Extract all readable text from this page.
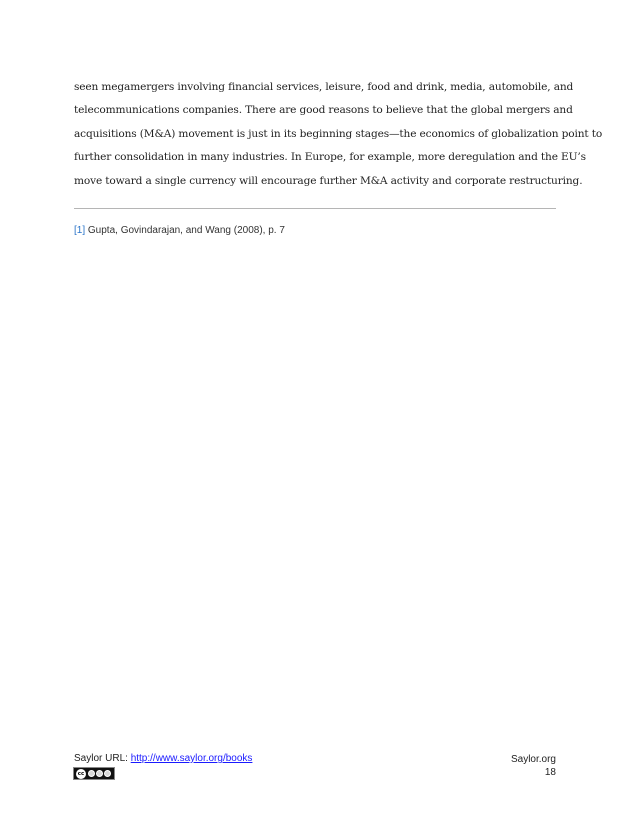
seen megamergers involving financial services, leisure, food and drink, media, automobile, and

telecommunications companies. There are good reasons to believe that the global mergers and

acquisitions (M&A) movement is just in its beginning stages—the economics of globalization point to

further consolidation in many industries. In Europe, for example, more deregulation and the EU’s

move toward a single currency will encourage further M&A activity and corporate restructuring.

[1] Gupta, Govindarajan, and Wang (2008), p. 7
Saylor URL: http://www.saylor.org/books
cc
Saylor.org
18
